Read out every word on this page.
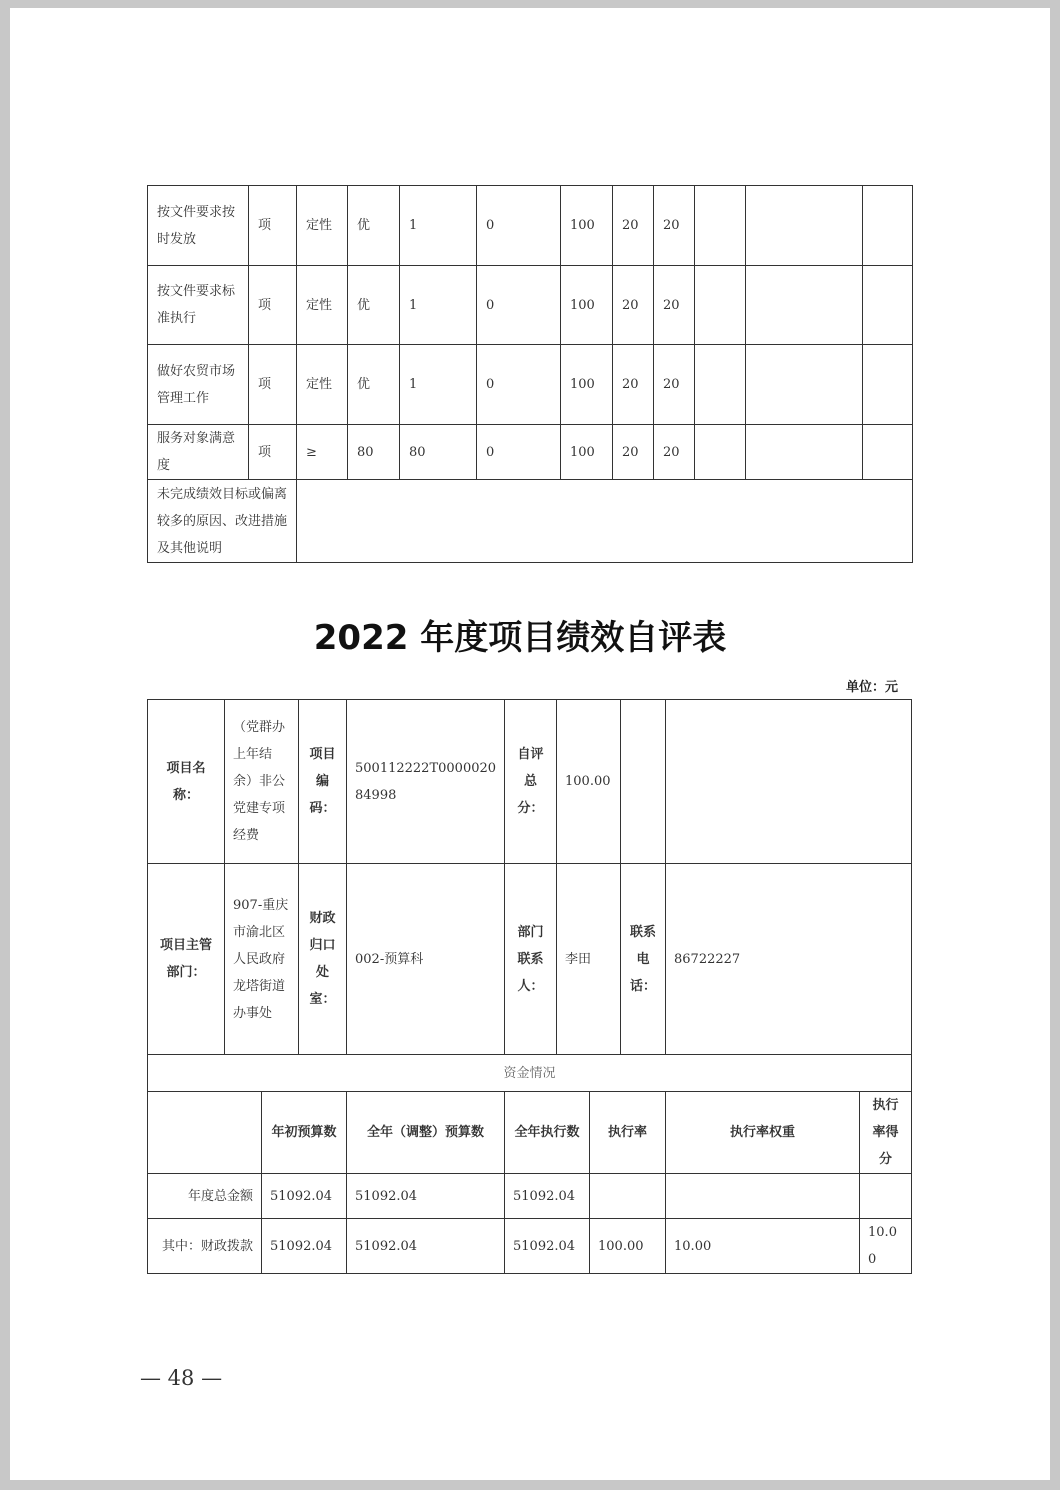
按文件要求按时发放	项	定性	优	1	0	100	20	20			
按文件要求标准执行	项	定性	优	1	0	100	20	20			
做好农贸市场管理工作	项	定性	优	1	0	100	20	20			
服务对象满意度	项	≥	80	80	0	100	20	20			
未完成绩效目标或偏离较多的原因、改进措施及其他说明											
2022 年度项目绩效自评表
单位：元
项目名称：	（党群办上年结余）非公党建专项经费		项目编码：	500112222T000002084998	自评总分：	100.00				
项目主管部门：	907-重庆市渝北区人民政府龙塔街道办事处		财政归口处室：	002-预算科	部门联系人：	李田		联系电话：	86722227	
资金情况										
		年初预算数		全年（调整）预算数	全年执行数		执行率		执行率权重	执行率得分
年度总金额		51092.04		51092.04	51092.04					
其中：财政拨款		51092.04		51092.04	51092.04		100.00		10.00	10.00
— 48 —
